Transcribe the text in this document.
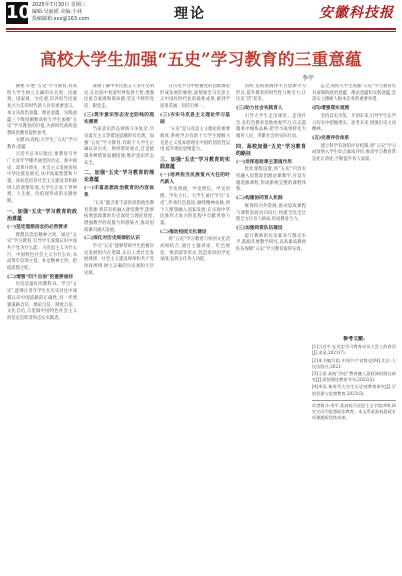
10 2025年7月30日 星期三
编辑:吴丽娟 美编:小林
投稿邮箱:xxx@163.com	理论	安徽科技报
高校大学生加强“五史”学习教育的三重意蕴
李平

摘要:开展“五史”学习教育,对高校大学生树立正确的历史观、民族观、国家观、文化观,培养担当民族复兴大任的时代新人具有重要意义。本文从政治意蕴、理论意蕴、实践意蕴三个维度阐释高校大学生加强“五史”学习教育的价值,为新时代高校思想政治教育提供参考。

关键词:高校;大学生;“五史”学习教育;意蕴

习近平总书记指出,要教育引导广大青年学懂弄通党的历史、新中国史、改革开放史、社会主义发展史和中华民族发展史,从中汲取智慧和力量。高校是培养社会主义建设者和接班人的重要阵地,大学生正处于世界观、人生观、价值观形成的关键时期。

一、加强“五史”学习教育的政治意蕴
(一)坚定理想信念的必然要求

理想信念是精神之钙。通过“五史”学习教育,引导学生深刻认识中国共产党为什么能、马克思主义为什么行、中国特色社会主义为什么好,从而筑牢信仰之基、补足精神之钙、把稳思想之舵。

(二)增强“四个自信”的重要途径

历史是最好的教科书。学习“五史”,能够让青年学生在历史对比中深刻认识中国道路的正确性,进一步增强道路自信、理论自信、制度自信、文化自信,自觉做中国特色社会主义的坚定信仰者和忠实实践者。

深刻了解中华民族五千多年文明史,在比较中看清世界发展大势,增强民族自豪感和使命感,坚定不移听党话、跟党走。

(三)筑牢意识形态安全防线的现实需要

当前意识形态领域斗争复杂,历史虚无主义等错误思潮时有出现。加强“五史”学习教育,有助于大学生正确认识历史、辨析错误观点,自觉抵制各种错误思潮侵蚀,维护意识形态安全。

二、加强“五史”学习教育的理论意蕴
(一)丰富思想政治教育的内容体系

“五史”蕴含着丰富的思想政治教育资源,将其有机融入课堂教学,能够拓展思政课的历史深度与理论厚度,增强教学的说服力和感染力,推动思政课内涵式发展。

(二)深化对历史规律的认识

学习“五史”能够帮助学生把握历史发展的内在逻辑,认识人类社会发展规律、社会主义建设规律和共产党执政规律,树立正确的历史观和大历史观。

在历史学习中把握党的创新理论形成发展的脉络,深刻领会马克思主义中国化时代化的最新成果,做到学思用贯通、知信行统一。

(三)夯实马克思主义理论学习基础

“五史”是马克思主义理论的重要载体,系统学习有助于大学生理解马克思主义基本原理在中国的创造性运用,提升理论思维能力。

三、加强“五史”学习教育的实践意蕴
(一)培养担当民族复兴大任的时代新人

学史明理、学史增信、学史崇德、学史力行。大学生通过学习“五史”,传承红色基因,赓续精神血脉,将个人理想融入国家发展,在实现中华民族伟大复兴的征程中贡献青春力量。

(二)推动校园文化建设

将“五史”学习教育与校园文化活动相结合,通过主题讲座、红色展览、情景剧等形式,营造浓厚的学史氛围,发挥文化育人功能。

同时,借助新媒体平台创新学习形式,提升教育的时代性与吸引力,让历史“活”起来。

(三)助力社会实践育人

引导大学生走出课堂、走进社会,在红色教育基地参观学习,在志愿服务中锤炼品格,把学习成果转化为服务人民、奉献社会的实际行动。

四、高校加强“五史”学习教育的路径
(一)发挥思政课主渠道作用

优化课程设置,将“五史”内容有机融入思想政治理论课教学,开设专题选修课程,形成系统完整的课程体系。

(二)构建协同育人机制

统筹校内外资源,推动思政课程与课程思政同向同行,构建全员全过程全方位育人格局,形成教育合力。

(三)加强师资队伍建设

提升教师的历史素养与理论水平,鼓励开展教学研究,以高素质教师队伍保障“五史”学习教育取得实效。

总之,高校大学生加强“五史”学习教育具有深刻的政治意蕴、理论意蕴和实践意蕴,是落实立德树人根本任务的重要举措。

(四)增强现实观照

坚持以史为鉴、开创未来,引导学生在学习历史中把握现实、思考未来,增强历史主动精神。

(五)完善评价体系

建立科学有效的评价机制,将“五史”学习成效纳入学生综合素质评价,推动学习教育常态化长效化,不断提升育人质量。

参考文献:
[1]习近平.在党史学习教育动员大会上的讲话[J].求是,2021(7).
[2]本书编写组.中国共产党简史[M].北京:人民出版社,2021.
[3]王某.高校“四史”教育融入思政课的路径研究[J].思想理论教育导刊,2022(3).
[4]李某.新时代大学生历史观教育研究[J].学校党建与思想教育,2023(5).
作者简介:李平,某高校马克思主义学院讲师,研究方向为思想政治教育。本文系某高校思政专项课题阶段性成果。
